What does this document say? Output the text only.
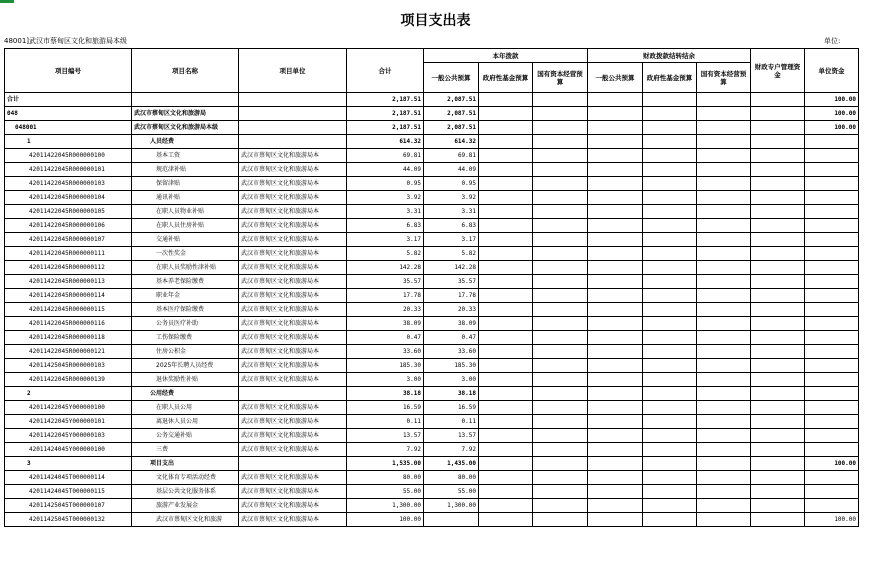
项目支出表
48001]武汉市蔡甸区文化和旅游局本级	单位:
项目编号	项目名称	项目单位	合计	本年拨款			财政拨款结转结余			财政专户管理资金	单位资金
				一般公共预算	政府性基金预算	国有资本经营预算	一般公共预算	政府性基金预算	国有资本经营预算		
合计			2,187.51	2,087.51							100.00
048	武汉市蔡甸区文化和旅游局		2,187.51	2,087.51							100.00
048001	武汉市蔡甸区文化和旅游局本级		2,187.51	2,087.51							100.00
1	人员经费		614.32	614.32							
42011422045R000000100	基本工资	武汉市蔡甸区文化和旅游局本	69.81	69.81							
42011422045R000000101	规范津补贴	武汉市蔡甸区文化和旅游局本	44.09	44.09							
42011422045R000000103	保留津贴	武汉市蔡甸区文化和旅游局本	0.95	0.95							
42011422045R000000104	通讯补贴	武汉市蔡甸区文化和旅游局本	3.92	3.92							
42011422045R000000105	在职人员物业补贴	武汉市蔡甸区文化和旅游局本	3.31	3.31							
42011422045R000000106	在职人员住房补贴	武汉市蔡甸区文化和旅游局本	6.83	6.83							
42011422045R000000107	交通补贴	武汉市蔡甸区文化和旅游局本	3.17	3.17							
42011422045R000000111	一次性奖金	武汉市蔡甸区文化和旅游局本	5.82	5.82							
42011422045R000000112	在职人员奖励性津补贴	武汉市蔡甸区文化和旅游局本	142.28	142.28							
42011422045R000000113	基本养老保险缴费	武汉市蔡甸区文化和旅游局本	35.57	35.57							
42011422045R000000114	职业年金	武汉市蔡甸区文化和旅游局本	17.78	17.78							
42011422045R000000115	基本医疗保险缴费	武汉市蔡甸区文化和旅游局本	20.33	20.33							
42011422045R000000116	公务员医疗补助	武汉市蔡甸区文化和旅游局本	38.09	38.09							
42011422045R000000118	工伤保险缴费	武汉市蔡甸区文化和旅游局本	0.47	0.47							
42011422045R000000121	住房公积金	武汉市蔡甸区文化和旅游局本	33.60	33.60							
42011425045R000000103	2025年长聘人员经费	武汉市蔡甸区文化和旅游局本	185.30	185.30							
42011422045R000000139	退休奖励性补贴	武汉市蔡甸区文化和旅游局本	3.00	3.00							
2	公用经费		38.18	38.18							
42011422045Y000000100	在职人员公用	武汉市蔡甸区文化和旅游局本	16.59	16.59							
42011422045Y000000101	离退休人员公用	武汉市蔡甸区文化和旅游局本	0.11	0.11							
42011422045Y000000103	公务交通补贴	武汉市蔡甸区文化和旅游局本	13.57	13.57							
42011424045Y000000100	三费	武汉市蔡甸区文化和旅游局本	7.92	7.92							
3	项目支出		1,535.00	1,435.00							100.00
42011424045T000000114	文化体育专项活动经费	武汉市蔡甸区文化和旅游局本	80.00	80.00							
42011424045T000000115	基层公共文化服务体系	武汉市蔡甸区文化和旅游局本	55.00	55.00							
42011425045T000000107	旅游产业发展金	武汉市蔡甸区文化和旅游局本	1,300.00	1,300.00							
42011425045T000000132	武汉市蔡甸区文化和旅游	武汉市蔡甸区文化和旅游局本	100.00								100.00
